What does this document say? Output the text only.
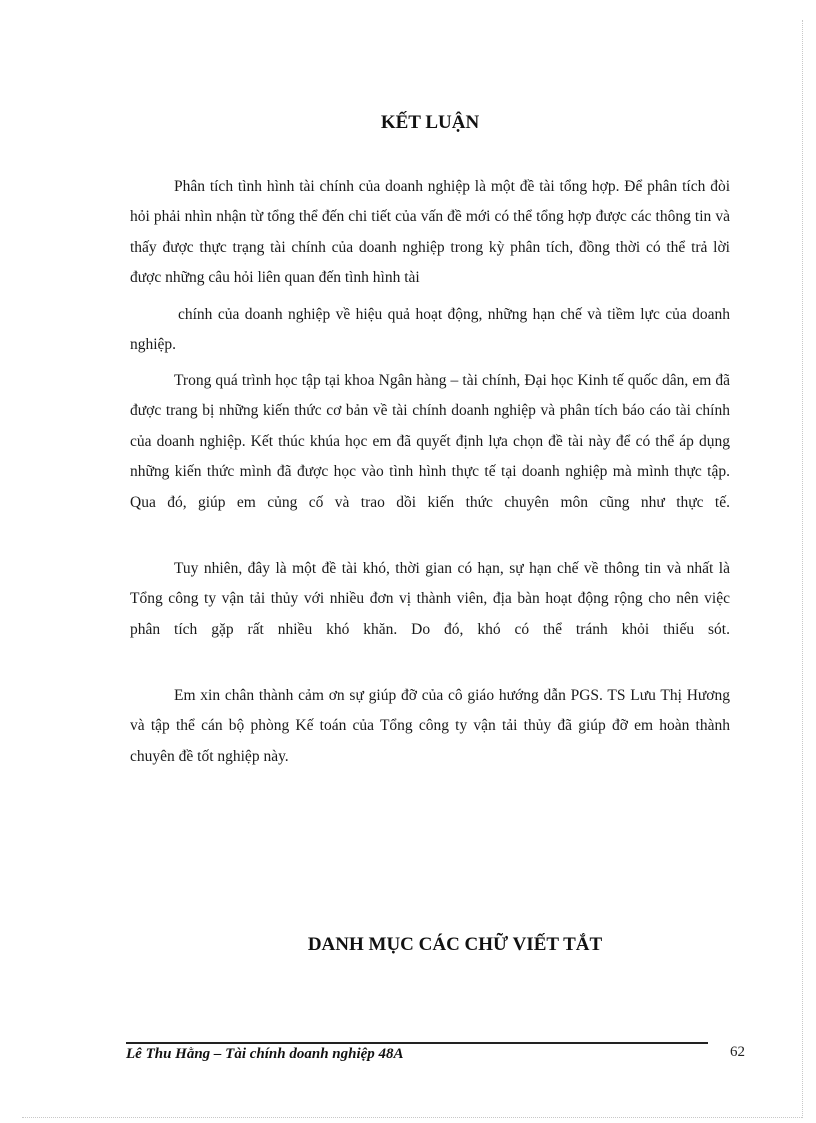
KẾT LUẬN

Phân tích tình hình tài chính của doanh nghiệp là một đề tài tổng hợp. Để phân tích đòi hỏi phải nhìn nhận từ tổng thể đến chi tiết của vấn đề mới có thể tổng hợp được các thông tin và thấy được thực trạng tài chính của doanh nghiệp trong kỳ phân tích, đồng thời có thể trả lời được những câu hỏi liên quan đến tình hình tài

chính của doanh nghiệp về hiệu quả hoạt động, những hạn chế và tiềm lực của doanh nghiệp.

Trong quá trình học tập tại khoa Ngân hàng – tài chính, Đại học Kinh tế quốc dân, em đã được trang bị những kiến thức cơ bản về tài chính doanh nghiệp và phân tích báo cáo tài chính của doanh nghiệp. Kết thúc khúa học em đã quyết định lựa chọn đề tài này để có thể áp dụng những kiến thức mình đã được học vào tình hình thực tế tại doanh nghiệp mà mình thực tập. Qua đó, giúp em củng cố và trao dồi kiến thức chuyên môn cũng như thực tế.

Tuy nhiên, đây là một đề tài khó, thời gian có hạn, sự hạn chế về thông tin và nhất là Tổng công ty vận tải thủy với nhiều đơn vị thành viên, địa bàn hoạt động rộng cho nên việc phân tích gặp rất nhiều khó khăn. Do đó, khó có thể tránh khỏi thiếu sót.

Em xin chân thành cảm ơn sự giúp đỡ của cô giáo hướng dẫn PGS. TS Lưu Thị Hương và tập thể cán bộ phòng Kế toán của Tổng công ty vận tải thủy đã giúp đỡ em hoàn thành chuyên đề tốt nghiệp này.

DANH MỤC CÁC CHỮ VIẾT TẮT

Lê Thu Hằng – Tài chính doanh nghiệp 48A	62
